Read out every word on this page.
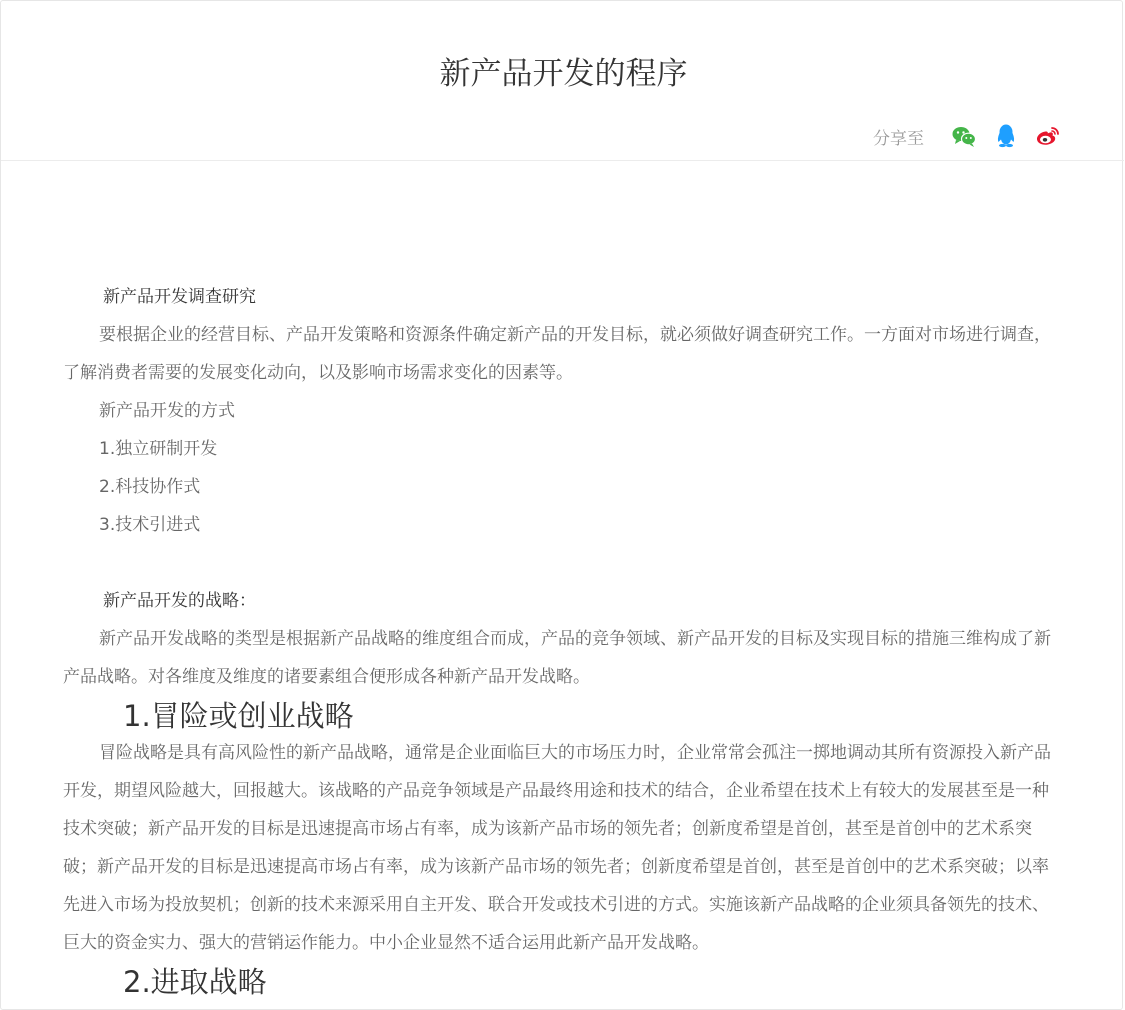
新产品开发的程序
分享至

新产品开发调查研究

要根据企业的经营目标、产品开发策略和资源条件确定新产品的开发目标，就必须做好调查研究工作。一方面对市场进行调查，了解消费者需要的发展变化动向，以及影响市场需求变化的因素等。

新产品开发的方式

1.独立研制开发

2.科技协作式

3.技术引进式

新产品开发的战略：

新产品开发战略的类型是根据新产品战略的维度组合而成，产品的竞争领域、新产品开发的目标及实现目标的措施三维构成了新产品战略。对各维度及维度的诸要素组合便形成各种新产品开发战略。

1.冒险或创业战略

冒险战略是具有高风险性的新产品战略，通常是企业面临巨大的市场压力时，企业常常会孤注一掷地调动其所有资源投入新产品开发，期望风险越大，回报越大。该战略的产品竞争领域是产品最终用途和技术的结合，企业希望在技术上有较大的发展甚至是一种技术突破；新产品开发的目标是迅速提高市场占有率，成为该新产品市场的领先者；创新度希望是首创，甚至是首创中的艺术系突破；新产品开发的目标是迅速提高市场占有率，成为该新产品市场的领先者；创新度希望是首创，甚至是首创中的艺术系突破；以率先进入市场为投放契机；创新的技术来源采用自主开发、联合开发或技术引进的方式。实施该新产品战略的企业须具备领先的技术、巨大的资金实力、强大的营销运作能力。中小企业显然不适合运用此新产品开发战略。

2.进取战略
